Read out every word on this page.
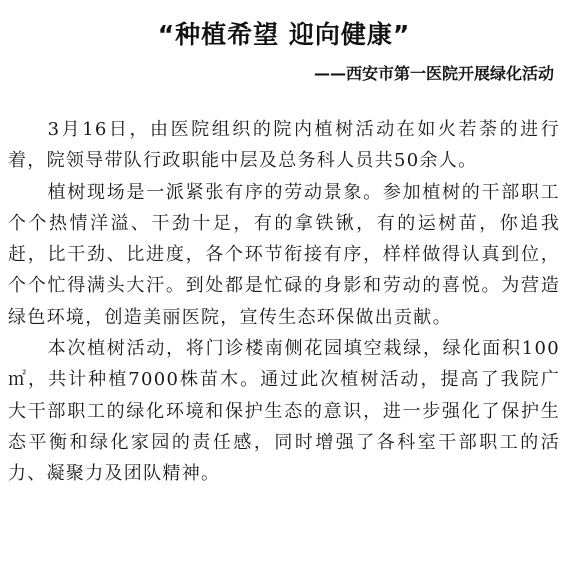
“种植希望 迎向健康”
——西安市第一医院开展绿化活动

3月16日，由医院组织的院内植树活动在如火若荼的进行着，院领导带队行政职能中层及总务科人员共50余人。

植树现场是一派紧张有序的劳动景象。参加植树的干部职工个个热情洋溢、干劲十足，有的拿铁锹，有的运树苗，你追我赶，比干劲、比进度，各个环节衔接有序，样样做得认真到位，个个忙得满头大汗。到处都是忙碌的身影和劳动的喜悦。为营造绿色环境，创造美丽医院，宣传生态环保做出贡献。

本次植树活动，将门诊楼南侧花园填空栽绿，绿化面积100㎡，共计种植7000株苗木。通过此次植树活动，提高了我院广大干部职工的绿化环境和保护生态的意识，进一步强化了保护生态平衡和绿化家园的责任感，同时增强了各科室干部职工的活力、凝聚力及团队精神。
